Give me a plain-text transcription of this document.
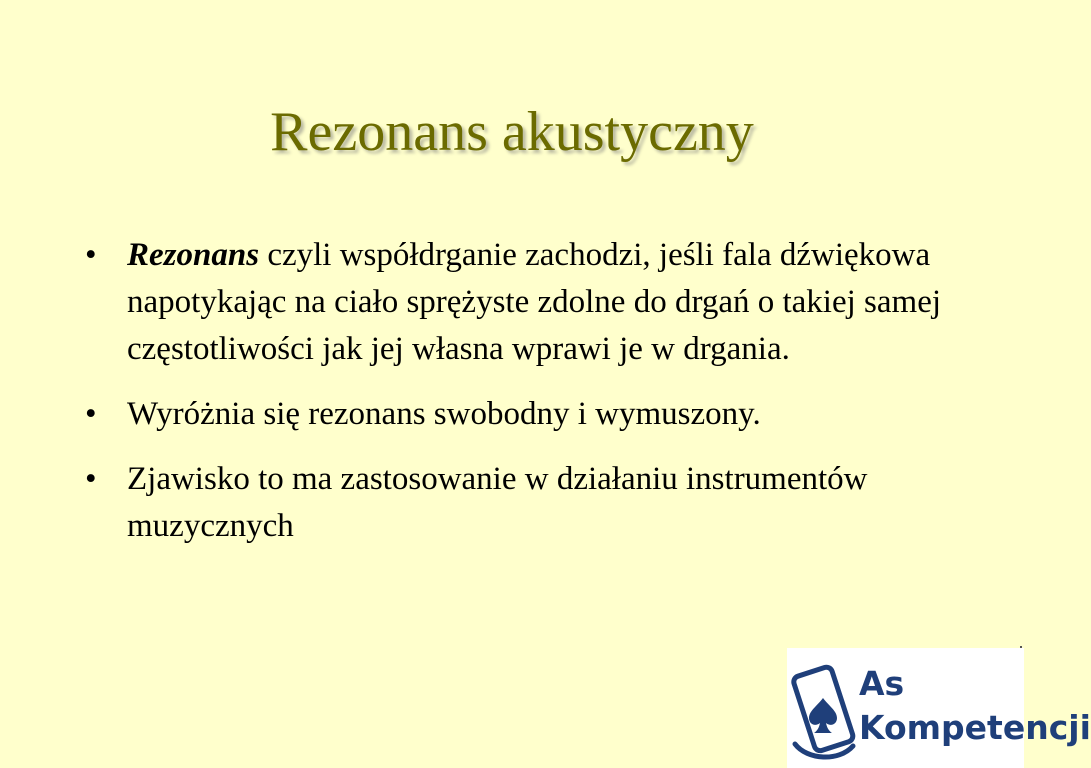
Rezonans akustyczny
• Rezonans czyli współdrganie zachodzi, jeśli fala dźwiękowa napotykając na ciało sprężyste zdolne do drgań o takiej samej częstotliwości jak jej własna wprawi je w drgania.
• Wyróżnia się rezonans swobodny i wymuszony.
• Zjawisko to ma zastosowanie w działaniu instrumentów muzycznych
As
Kompetencji
